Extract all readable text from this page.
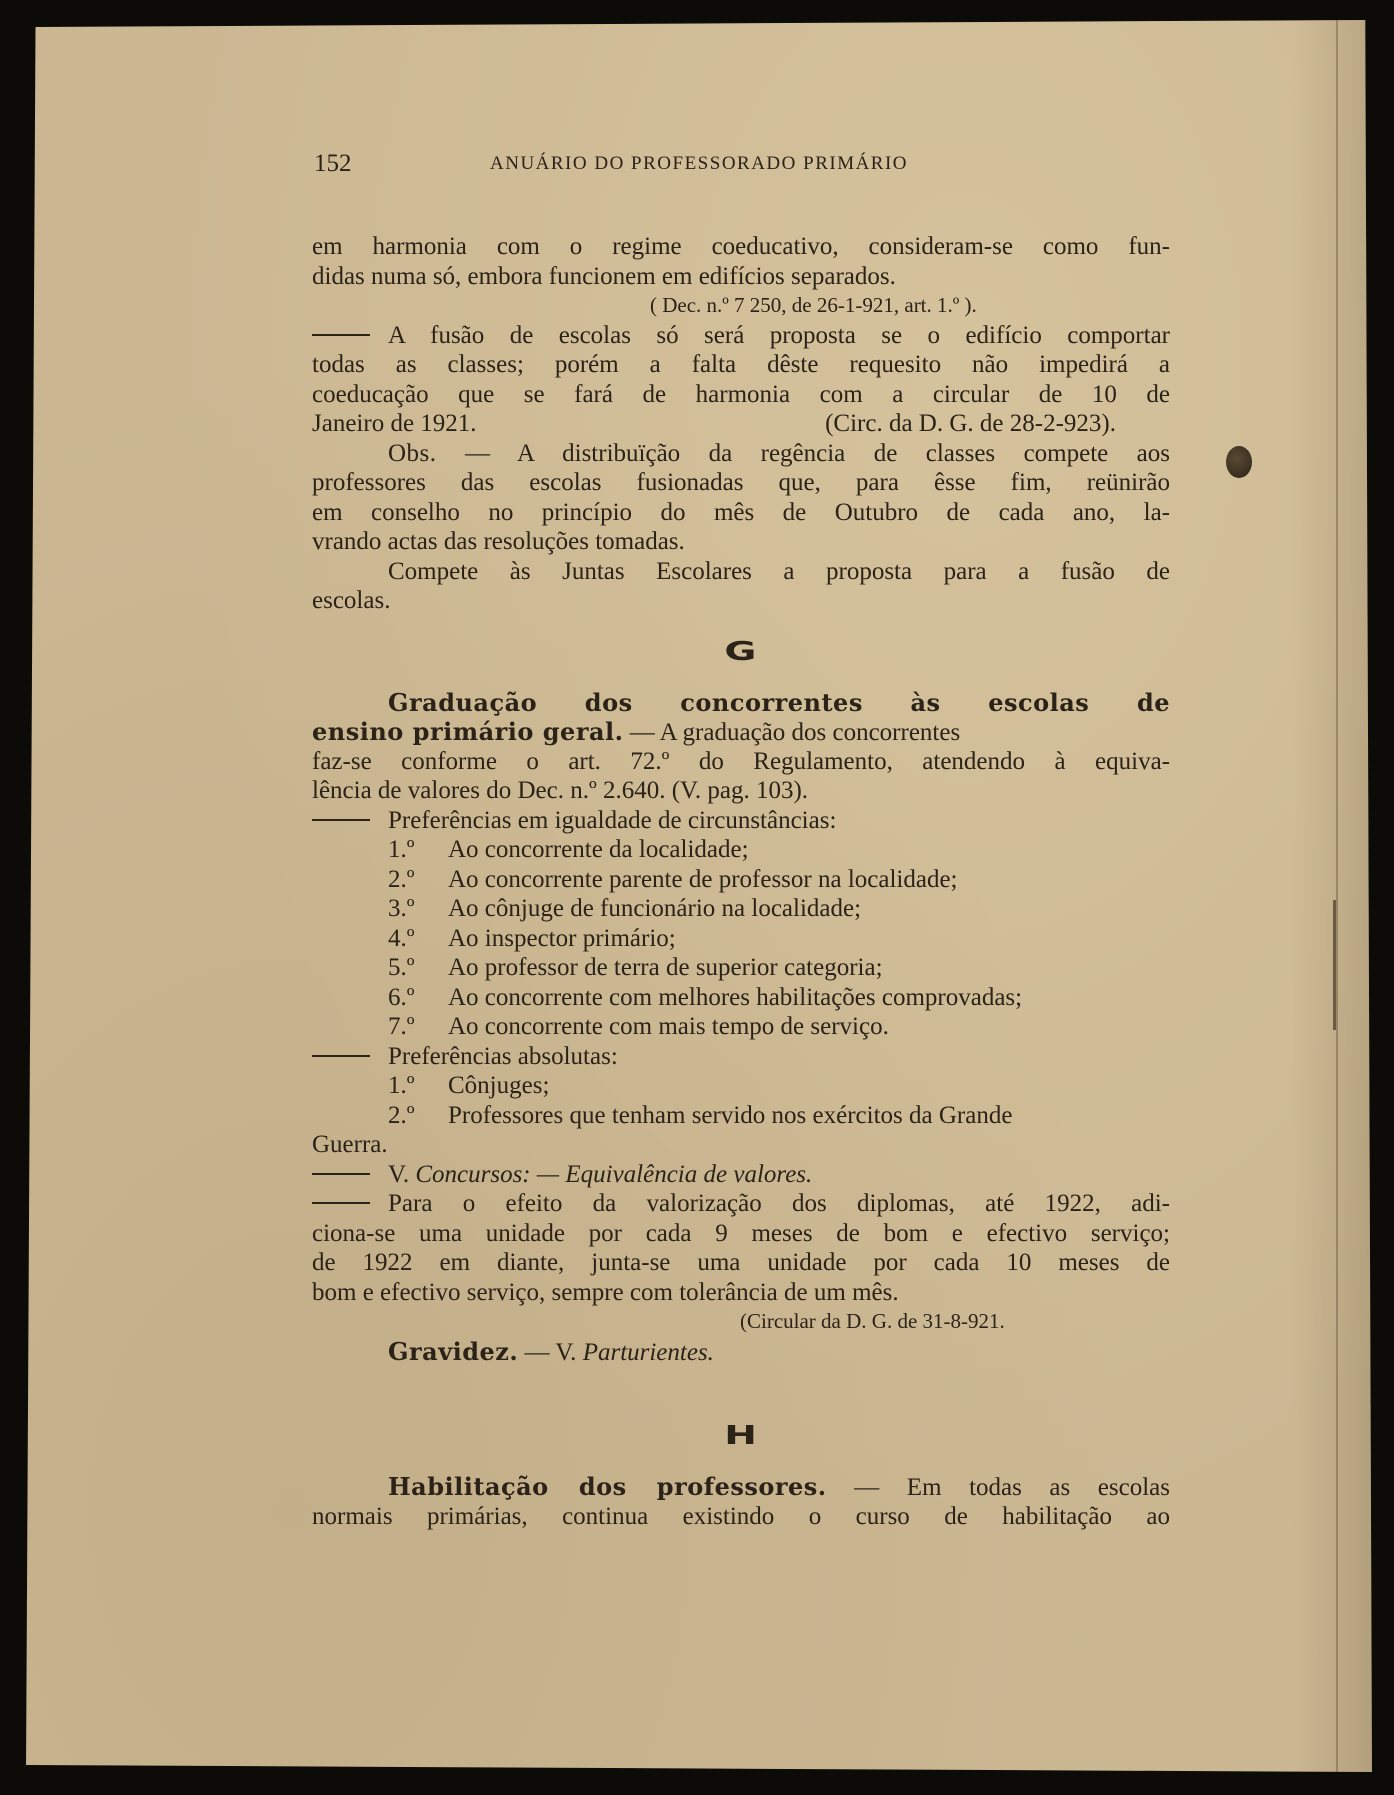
152	ANUÁRIO DO PROFESSORADO PRIMÁRIO
em harmonia com o regime coeducativo, consideram-se como fun-
didas numa só, embora funcionem em edifícios separados.
( Dec. n.º 7 250, de 26-1-921, art. 1.º ).
A fusão de escolas só será proposta se o edifício comportar
todas as classes; porém a falta dêste requesito não impedirá a
coeducação que se fará de harmonia com a circular de 10 de
Janeiro de 1921.	(Circ. da D. G. de 28-2-923).
Obs. — A distribuïção da regência de classes compete aos
professores das escolas fusionadas que, para êsse fim, reünirão
em conselho no princípio do mês de Outubro de cada ano, la-
vrando actas das resoluções tomadas.
Compete às Juntas Escolares a proposta para a fusão de
escolas.
G
Graduação dos concorrentes às escolas de
ensino primário geral. — A graduação dos concorrentes
faz-se conforme o art. 72.º do Regulamento, atendendo à equiva-
lência de valores do Dec. n.º 2.640. (V. pag. 103).
Preferências em igualdade de circunstâncias:
1.º Ao concorrente da localidade;
2.º Ao concorrente parente de professor na localidade;
3.º Ao cônjuge de funcionário na localidade;
4.º Ao inspector primário;
5.º Ao professor de terra de superior categoria;
6.º Ao concorrente com melhores habilitações comprovadas;
7.º Ao concorrente com mais tempo de serviço.
Preferências absolutas:
1.º Cônjuges;
2.º Professores que tenham servido nos exércitos da Grande
Guerra.
V. Concursos: — Equivalência de valores.
Para o efeito da valorização dos diplomas, até 1922, adi-
ciona-se uma unidade por cada 9 meses de bom e efectivo serviço;
de 1922 em diante, junta-se uma unidade por cada 10 meses de
bom e efectivo serviço, sempre com tolerância de um mês.
(Circular da D. G. de 31-8-921.
Gravidez. — V. Parturientes.
H
Habilitação dos professores. — Em todas as escolas
normais primárias, continua existindo o curso de habilitação ao
